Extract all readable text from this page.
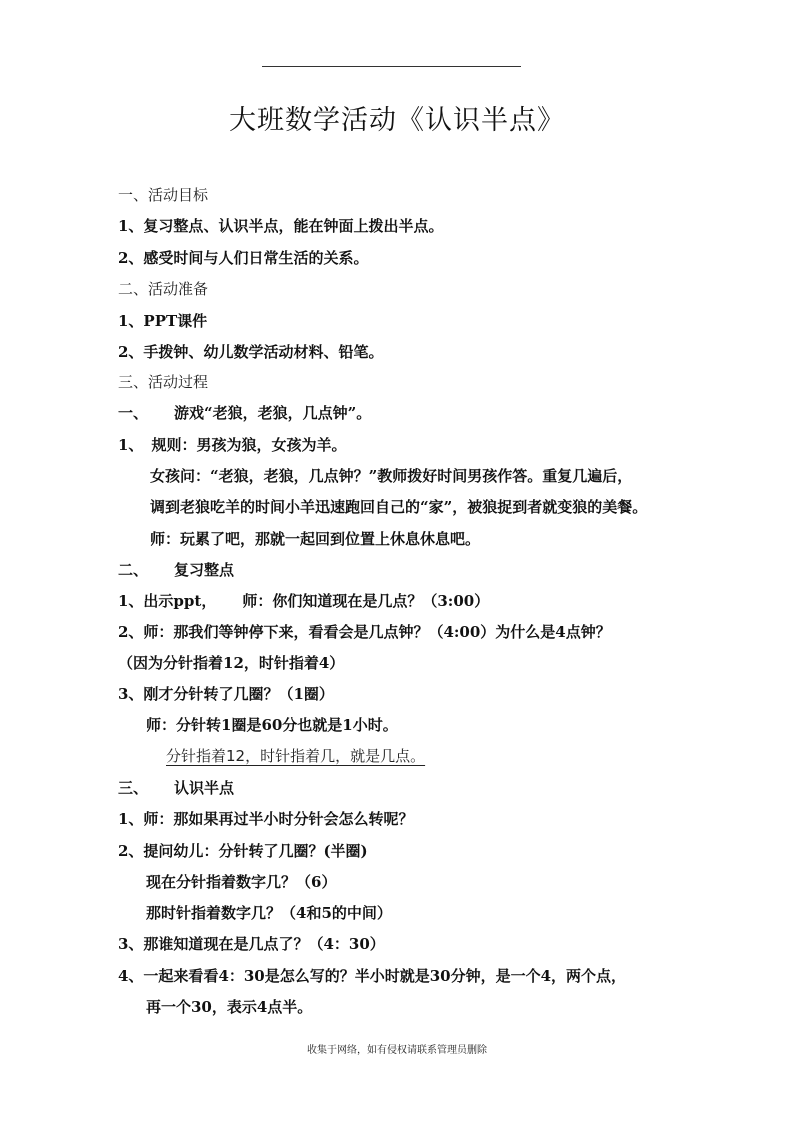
大班数学活动《认识半点》
一、活动目标
1、复习整点、认识半点，能在钟面上拨出半点。
2、感受时间与人们日常生活的关系。
二、活动准备
1、PPT课件
2、手拨钟、幼儿数学活动材料、铅笔。
三、活动过程
一、 游戏“老狼，老狼，几点钟”。
1、 规则：男孩为狼，女孩为羊。
女孩问：“老狼，老狼，几点钟？”教师拨好时间男孩作答。重复几遍后，
调到老狼吃羊的时间小羊迅速跑回自己的“家”，被狼捉到者就变狼的美餐。
师：玩累了吧，那就一起回到位置上休息休息吧。
二、 复习整点
1、出示ppt， 师：你们知道现在是几点？（3:00）
2、师：那我们等钟停下来，看看会是几点钟？（4:00）为什么是4点钟？
（因为分针指着12，时针指着4）
3、刚才分针转了几圈？（1圈）
师：分针转1圈是60分也就是1小时。
分针指着12，时针指着几，就是几点。
三、 认识半点
1、师：那如果再过半小时分针会怎么转呢？
2、提问幼儿：分针转了几圈？(半圈)
现在分针指着数字几？（6）
那时针指着数字几？（4和5的中间）
3、那谁知道现在是几点了？（4：30）
4、一起来看看4：30是怎么写的？半小时就是30分钟，是一个4，两个点，
再一个30，表示4点半。
收集于网络，如有侵权请联系管理员删除
